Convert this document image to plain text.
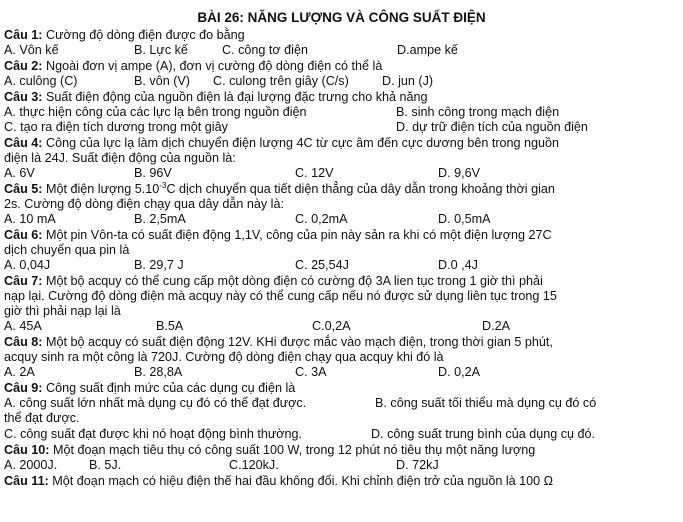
BÀI 26: NĂNG LƯỢNG VÀ CÔNG SUẤT ĐIỆN
Câu 1: Cường độ dòng điện được đo bằng
A. Vôn kế	B. Lực kế	C. công tơ điện	D.ampe kế
Câu 2: Ngoài đơn vị ampe (A), đơn vị cường độ dòng điện có thể là
A. culông (C)	B. vôn (V) C. culong trên giây (C/s)	D. jun (J)
Câu 3: Suất điện động của nguồn điện là đại lượng đặc trưng cho khả năng
A. thực hiện công của các lực lạ bên trong nguồn điện	B. sinh công trong mạch điện
C. tạo ra điện tích dương trong một giây	D. dự trữ điện tích của nguồn điện
Câu 4: Công của lực lạ làm dịch chuyển điện lượng 4C từ cực âm đến cực dương bên trong nguồn
điện là 24J. Suất điện động của nguồn là:
A. 6V	B. 96V	C. 12V	D. 9,6V
Câu 5: Một điện lượng $5.10^{-3}C$ dịch chuyển qua tiết diện thẳng của dây dẫn trong khoảng thời gian
2s. Cường độ dòng điện chạy qua dây dẫn này là:
A. 10 mA	B. 2,5mA	C. 0,2mA	D. 0,5mA
Câu 6: Một pin Vôn-ta có suất điện động 1,1V, công của pin này sản ra khi có một điện lượng 27C
dịch chuyển qua pin là
A. 0,04J	B. 29,7 J	C. 25,54J	D.0 ,4J
Câu 7: Một bộ acquy có thể cung cấp một dòng điện có cường độ 3A lien tục trong 1 giờ thì phải
nạp lại. Cường độ dòng điện mà acquy này có thể cung cấp nếu nó được sử dụng liên tục trong 15
giờ thì phải nạp lại là
A. 45A	B.5A	C.0,2A	D.2A
Câu 8: Một bộ acquy có suất điện động 12V. KHi được mắc vào mạch điện, trong thời gian 5 phút,
acquy sinh ra một công là 720J. Cường độ dòng điện chạy qua acquy khi đó là
A. 2A	B. 28,8A	C. 3A	D. 0,2A
Câu 9: Công suất định mức của các dụng cụ điện là
A. công suất lớn nhất mà dụng cụ đó có thể đạt được.	B. công suất tối thiểu mà dụng cụ đó có
thể đạt được.
C. công suất đạt được khi nó hoạt động bình thường.	D. công suất trung bình của dụng cụ đó.
Câu 10: Một đoạn mạch tiêu thụ có công suất 100 W, trong 12 phút nó tiêu thụ một năng lượng
A. 2000J.	B. 5J.	C.120kJ.	D. 72kJ
Câu 11: Một đoạn mạch có hiệu điện thế hai đầu không đổi. Khi chỉnh điện trở của nguồn là 100 Ω
